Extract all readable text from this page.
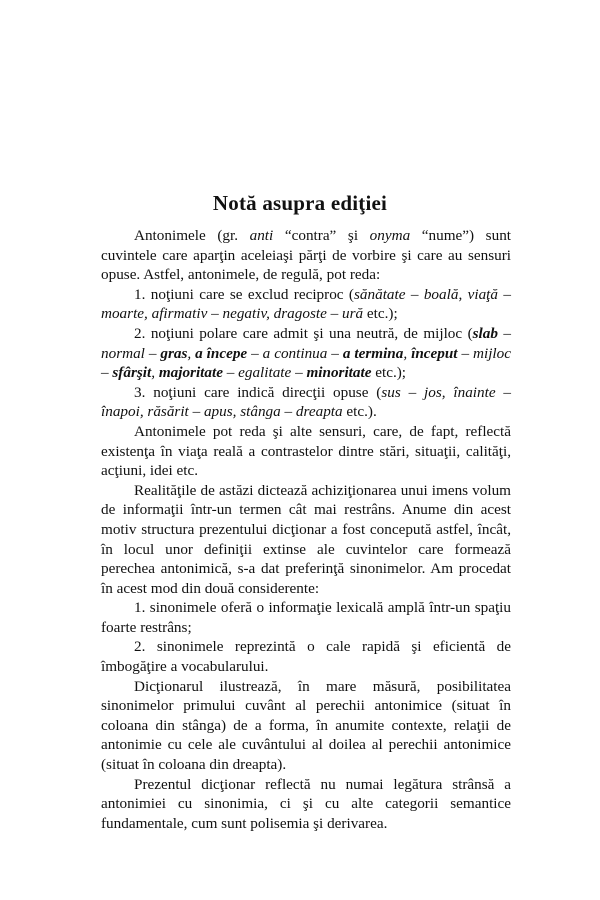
Notă asupra ediţiei

Antonimele (gr. anti “contra” şi onyma “nume”) sunt cuvintele care aparţin aceleiaşi părţi de vorbire şi care au sensuri opuse. Astfel, antonimele, de regulă, pot reda:

1. noţiuni care se exclud reciproc (sănătate – boală, viaţă – moarte, afirmativ – negativ, dragoste – ură etc.);

2. noţiuni polare care admit şi una neutră, de mijloc (slab – normal – gras, a începe – a continua – a termina, început – mijloc – sfârşit, majoritate – egalitate – minoritate etc.);

3. noţiuni care indică direcţii opuse (sus – jos, înainte – înapoi, răsărit – apus, stânga – dreapta etc.).

Antonimele pot reda şi alte sensuri, care, de fapt, reflectă existenţa în viaţa reală a contrastelor dintre stări, situaţii, calităţi, acţiuni, idei etc.

Realităţile de astăzi dictează achiziţionarea unui imens volum de informaţii într-un termen cât mai restrâns. Anume din acest motiv structura prezentului dicţionar a fost concepută astfel, încât, în locul unor definiţii extinse ale cuvintelor care formează perechea antonimică, s-a dat preferinţă sinonimelor. Am procedat în acest mod din două considerente:

1. sinonimele oferă o informaţie lexicală amplă într-un spaţiu foarte restrâns;

2. sinonimele reprezintă o cale rapidă şi eficientă de îmbogăţire a vocabularului.

Dicţionarul ilustrează, în mare măsură, posibilitatea sinonimelor primului cuvânt al perechii antonimice (situat în coloana din stânga) de a forma, în anumite contexte, relaţii de antonimie cu cele ale cuvântului al doilea al perechii antonimice (situat în coloana din dreapta).

Prezentul dicţionar reflectă nu numai legătura strânsă a antonimiei cu sinonimia, ci şi cu alte categorii semantice fundamentale, cum sunt polisemia şi derivarea.
